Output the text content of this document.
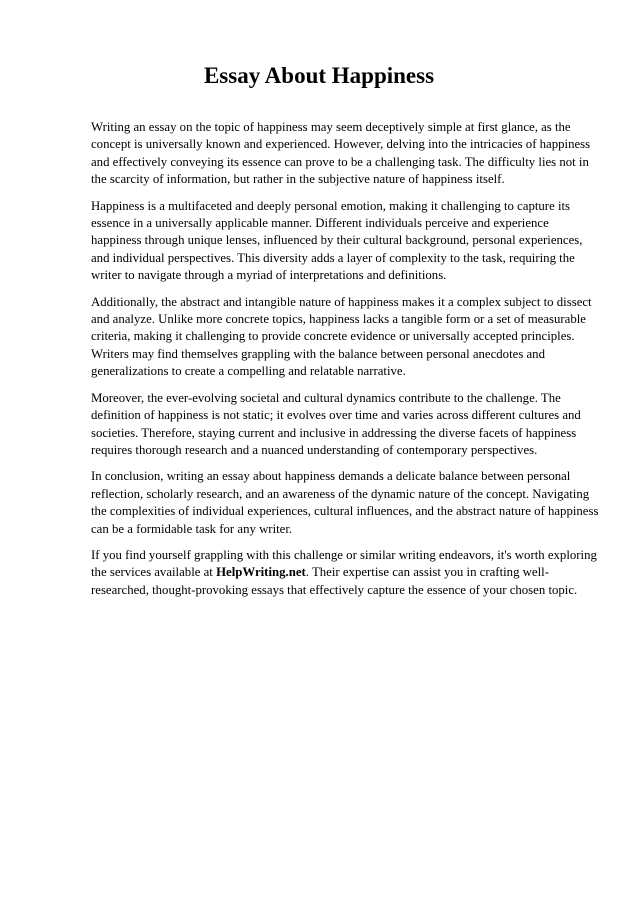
Essay About Happiness

Writing an essay on the topic of happiness may seem deceptively simple at first glance, as the concept is universally known and experienced. However, delving into the intricacies of happiness and effectively conveying its essence can prove to be a challenging task. The difficulty lies not in the scarcity of information, but rather in the subjective nature of happiness itself.

Happiness is a multifaceted and deeply personal emotion, making it challenging to capture its essence in a universally applicable manner. Different individuals perceive and experience happiness through unique lenses, influenced by their cultural background, personal experiences, and individual perspectives. This diversity adds a layer of complexity to the task, requiring the writer to navigate through a myriad of interpretations and definitions.

Additionally, the abstract and intangible nature of happiness makes it a complex subject to dissect and analyze. Unlike more concrete topics, happiness lacks a tangible form or a set of measurable criteria, making it challenging to provide concrete evidence or universally accepted principles. Writers may find themselves grappling with the balance between personal anecdotes and generalizations to create a compelling and relatable narrative.

Moreover, the ever-evolving societal and cultural dynamics contribute to the challenge. The definition of happiness is not static; it evolves over time and varies across different cultures and societies. Therefore, staying current and inclusive in addressing the diverse facets of happiness requires thorough research and a nuanced understanding of contemporary perspectives.

In conclusion, writing an essay about happiness demands a delicate balance between personal reflection, scholarly research, and an awareness of the dynamic nature of the concept. Navigating the complexities of individual experiences, cultural influences, and the abstract nature of happiness can be a formidable task for any writer.

If you find yourself grappling with this challenge or similar writing endeavors, it's worth exploring the services available at HelpWriting.net. Their expertise can assist you in crafting well-researched, thought-provoking essays that effectively capture the essence of your chosen topic.
